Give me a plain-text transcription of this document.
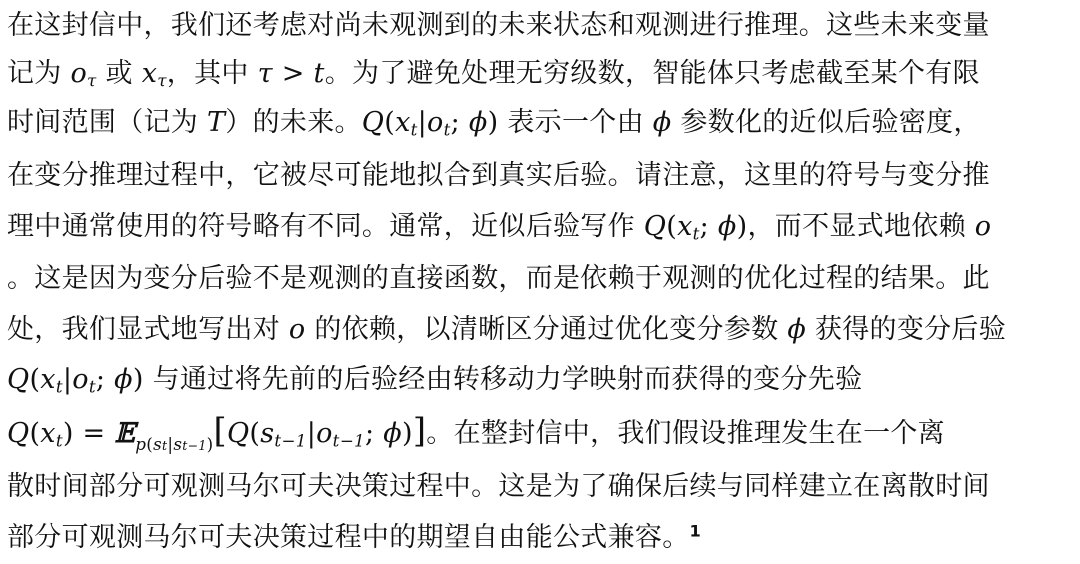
在这封信中，我们还考虑对尚未观测到的未来状态和观测进行推理。这些未来变量
记为 $o_\tau$ 或 $x_\tau$，其中 τ > t。为了避免处理无穷级数，智能体只考虑截至某个有限
时间范围（记为 T）的未来。$Q(x_t|o_t$; ϕ) 表示一个由 ϕ 参数化的近似后验密度，
在变分推理过程中，它被尽可能地拟合到真实后验。请注意，这里的符号与变分推
理中通常使用的符号略有不同。通常，近似后验写作 $Q(x_t$; ϕ)，而不显式地依赖 o
。这是因为变分后验不是观测的直接函数，而是依赖于观测的优化过程的结果。此
处，我们显式地写出对 o 的依赖，以清晰区分通过优化变分参数 ϕ 获得的变分后验
$Q(x_t|o_t$; ϕ) 与通过将先前的后验经由转移动力学映射而获得的变分先验
$Q(x_t)$ = $𝔼_{p(st|st-1)}[Q(s_{t-1}|o_{t-1}$; ϕ)]。在整封信中，我们假设推理发生在一个离
散时间部分可观测马尔可夫决策过程中。这是为了确保后续与同样建立在离散时间
部分可观测马尔可夫决策过程中的期望自由能公式兼容。$^1$
